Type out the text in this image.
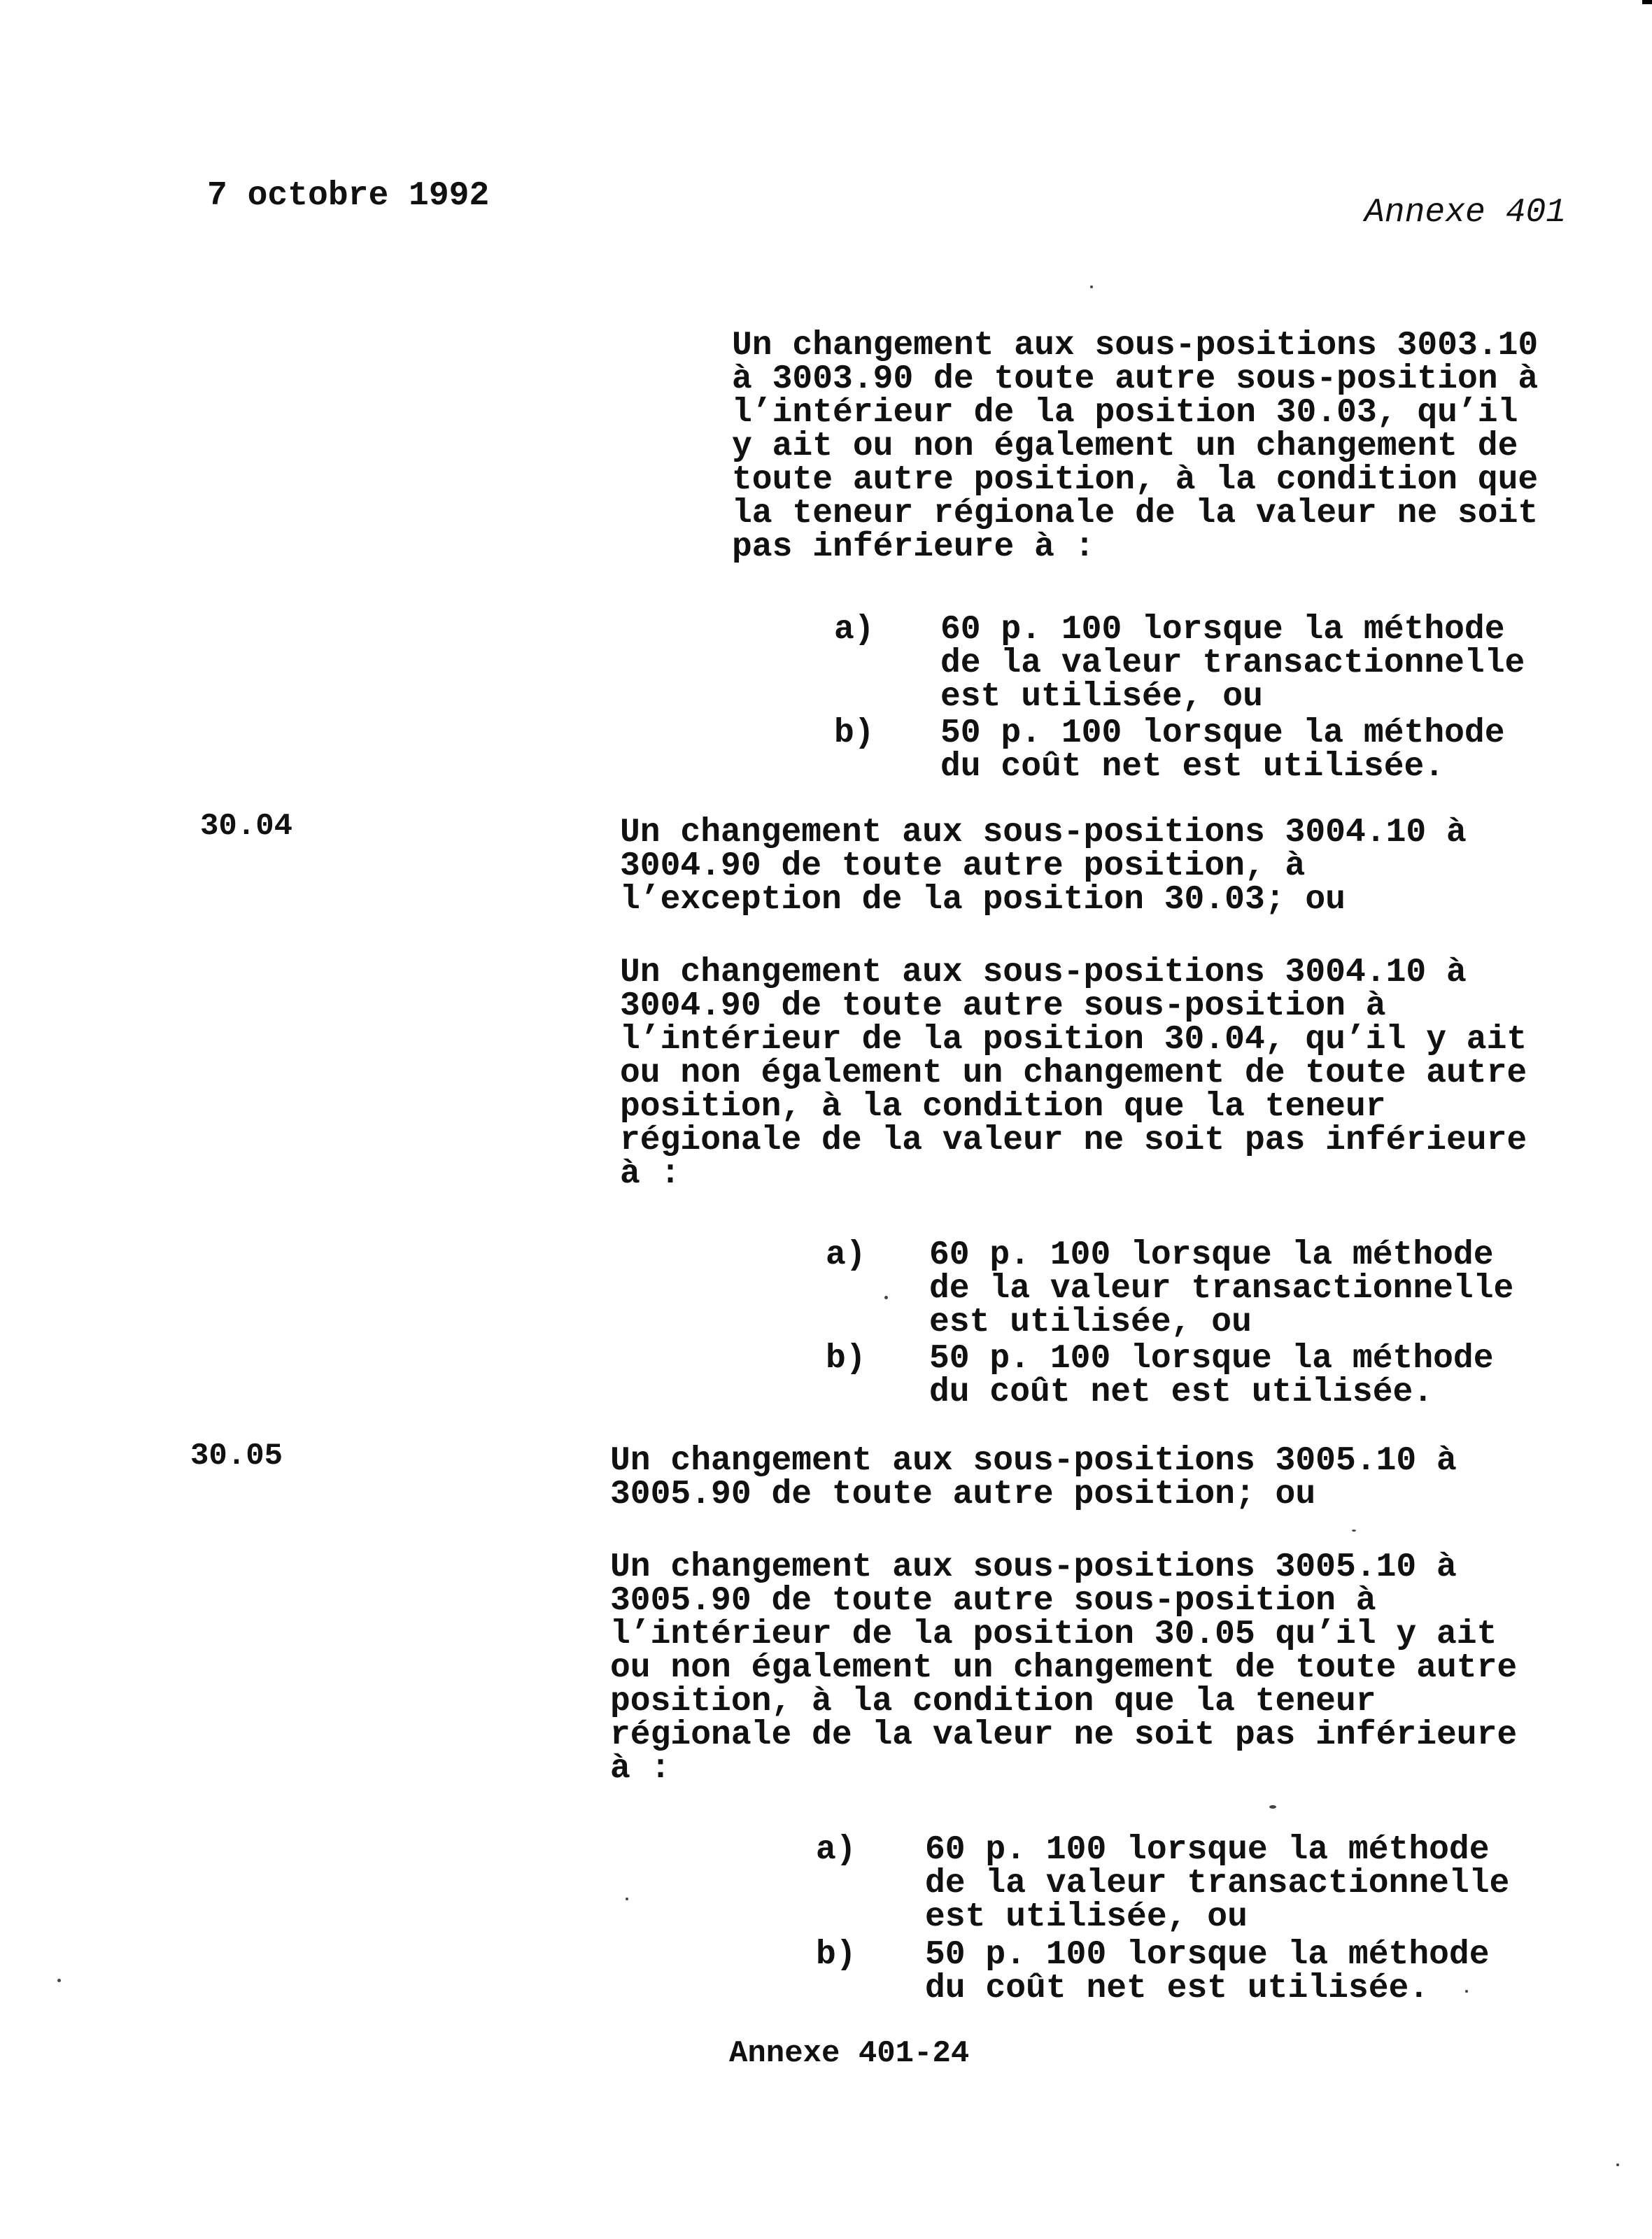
7 octobre 1992	Annexe 401
Un changement aux sous-positions 3003.10
à 3003.90 de toute autre sous-position à
l’intérieur de la position 30.03, qu’il
y ait ou non également un changement de
toute autre position, à la condition que
la teneur régionale de la valeur ne soit
pas inférieure à :
a) 60 p. 100 lorsque la méthode
de la valeur transactionnelle
est utilisée, ou
b) 50 p. 100 lorsque la méthode
du coût net est utilisée.
30.04	Un changement aux sous-positions 3004.10 à
3004.90 de toute autre position, à
l’exception de la position 30.03; ou
Un changement aux sous-positions 3004.10 à
3004.90 de toute autre sous-position à
l’intérieur de la position 30.04, qu’il y ait
ou non également un changement de toute autre
position, à la condition que la teneur
régionale de la valeur ne soit pas inférieure
à :
a) 60 p. 100 lorsque la méthode
de la valeur transactionnelle
est utilisée, ou
b) 50 p. 100 lorsque la méthode
du coût net est utilisée.
30.05	Un changement aux sous-positions 3005.10 à
3005.90 de toute autre position; ou
Un changement aux sous-positions 3005.10 à
3005.90 de toute autre sous-position à
l’intérieur de la position 30.05 qu’il y ait
ou non également un changement de toute autre
position, à la condition que la teneur
régionale de la valeur ne soit pas inférieure
à :
a) 60 p. 100 lorsque la méthode
de la valeur transactionnelle
est utilisée, ou
b) 50 p. 100 lorsque la méthode
du coût net est utilisée.
Annexe 401-24
